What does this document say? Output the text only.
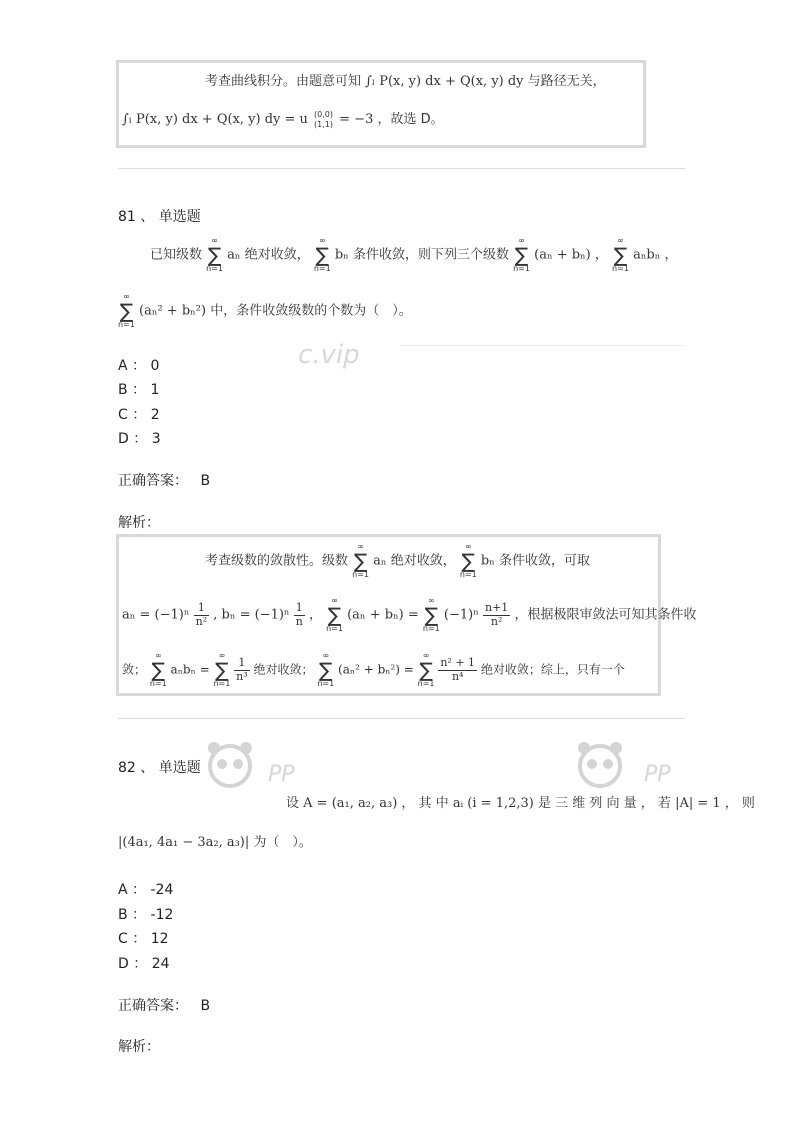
考查曲线积分。由题意可知 ∫ₗ P(x, y) dx + Q(x, y) dy 与路径无关，
∫ₗ P(x, y) dx + Q(x, y) dy = u (0,0)
(1,1) = −3 ，故选 D。
81 、 单选题
已知级数
∞
∑
n=1
aₙ 绝对收敛，
∞
∑
n=1
bₙ 条件收敛，则下列三个级数
∞
∑
n=1
(aₙ + bₙ) ，
∞
∑
n=1
aₙbₙ ，
∞
∑
n=1
(aₙ² + bₙ²) 中，条件收敛级数的个数为（　）。
c.vip
A ： 0
B ： 1
C ： 2
D ： 3
正确答案： B
解析：
考查级数的敛散性。级数
∞
∑
n=1
aₙ 绝对收敛，
∞
∑
n=1
bₙ 条件收敛，可取
$a_n = (-1)^n \frac{1}{\text{n²}}$ , $b_n = (-1)^n \frac{1}{n}$ ，
∞
∑
n=1
(aₙ + bₙ) =
∞
∑
n=1
$(-1)^n \frac{n+1}{\text{n²}}$ ，根据极限审敛法可知其条件收
敛；
∞
∑
n=1
aₙbₙ =
∞
∑
n=1

$\frac{1}{\text{n³}}$ 绝对收敛；
∞
∑
n=1
(aₙ² + bₙ²) =
∞
∑
n=1

$\frac{\text{n² + 1}}{\text{n⁴}}$ 绝对收敛；综上，只有一个
PP	PP
82 、 单选题
设 A = (a₁, a₂, a₃) ， 其 中 aᵢ (i = 1,2,3) 是 三 维 列 向 量 ， 若 |A| = 1 ， 则
|(4a₁, 4a₁ − 3a₂, a₃)| 为（　）。
A ： -24
B ： -12
C ： 12
D ： 24
正确答案： B
解析：
